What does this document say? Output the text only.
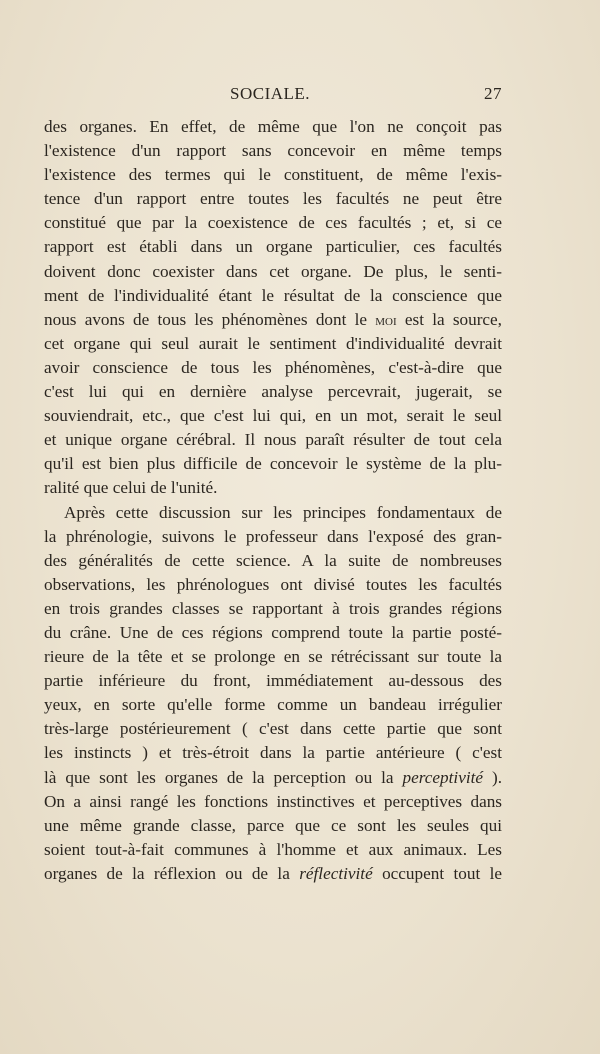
SOCIALE.	27
des organes. En effet, de même que l'on ne conçoit pas
l'existence d'un rapport sans concevoir en même temps
l'existence des termes qui le constituent, de même l'exis-
tence d'un rapport entre toutes les facultés ne peut être
constitué que par la coexistence de ces facultés ; et, si ce
rapport est établi dans un organe particulier, ces facultés
doivent donc coexister dans cet organe. De plus, le senti-
ment de l'individualité étant le résultat de la conscience que
nous avons de tous les phénomènes dont le moi est la source,
cet organe qui seul aurait le sentiment d'individualité devrait
avoir conscience de tous les phénomènes, c'est-à-dire que
c'est lui qui en dernière analyse percevrait, jugerait, se
souviendrait, etc., que c'est lui qui, en un mot, serait le seul
et unique organe cérébral. Il nous paraît résulter de tout cela
qu'il est bien plus difficile de concevoir le système de la plu-
ralité que celui de l'unité.
Après cette discussion sur les principes fondamentaux de
la phrénologie, suivons le professeur dans l'exposé des gran-
des généralités de cette science. A la suite de nombreuses
observations, les phrénologues ont divisé toutes les facultés
en trois grandes classes se rapportant à trois grandes régions
du crâne. Une de ces régions comprend toute la partie posté-
rieure de la tête et se prolonge en se rétrécissant sur toute la
partie inférieure du front, immédiatement au-dessous des
yeux, en sorte qu'elle forme comme un bandeau irrégulier
très-large postérieurement ( c'est dans cette partie que sont
les instincts ) et très-étroit dans la partie antérieure ( c'est
là que sont les organes de la perception ou la perceptivité ).
On a ainsi rangé les fonctions instinctives et perceptives dans
une même grande classe, parce que ce sont les seules qui
soient tout-à-fait communes à l'homme et aux animaux. Les
organes de la réflexion ou de la réflectivité occupent tout le
